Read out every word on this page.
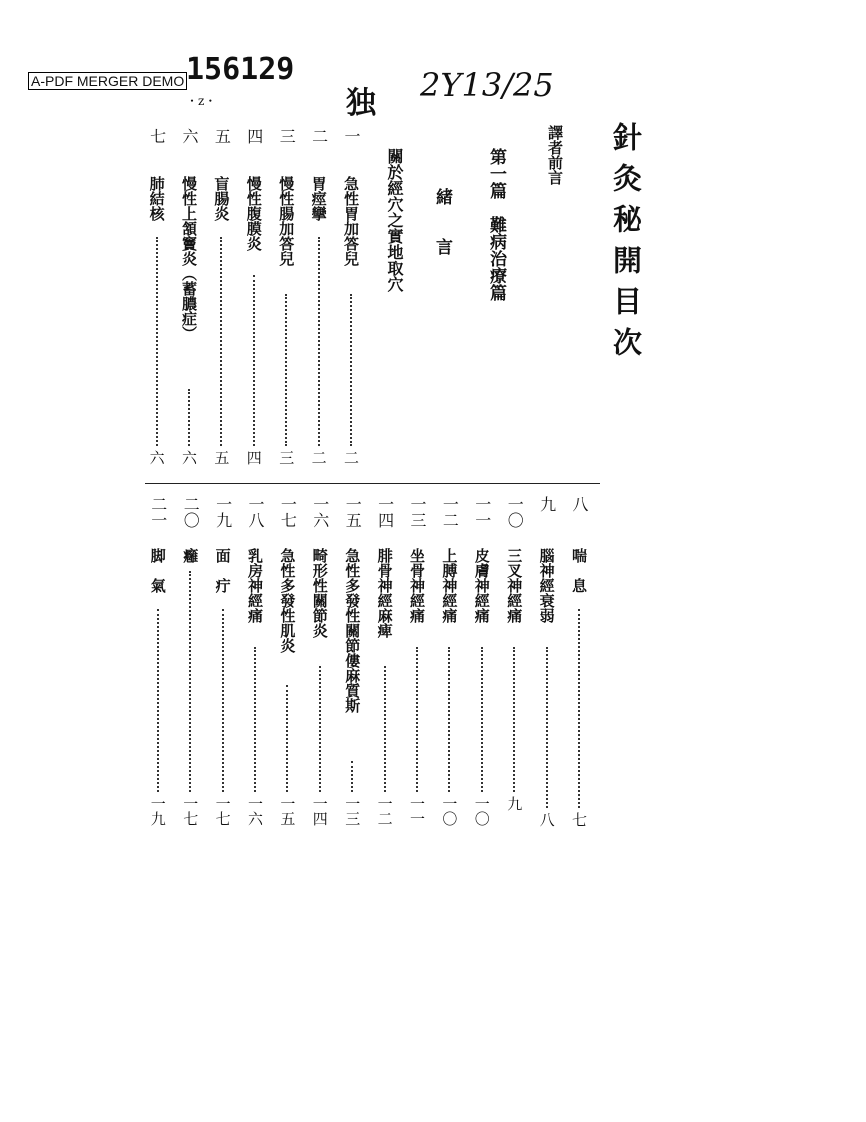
A-PDF MERGER DEMO 156129
・z・	独 2Y13/25
針灸秘開目次
譯者前言
第一篇　難病治療篇
緒　言
關於經穴之實地取穴
一
急性胃加答兒
二
二
胃痙攣
二
三
慢性腸加答兒
三
四
慢性腹膜炎
四
五
盲腸炎
五
六
慢性上頷竇炎（蓄膿症）
六
七
肺結核
六
八
喘　息
七
九
腦神經衰弱
八
一〇
三叉神經痛
九
一一
皮膚神經痛
一〇
一二
上膊神經痛
一〇
一三
坐骨神經痛
一一
一四
腓骨神經麻痺
一二
一五
急性多發性關節僂麻質斯
一三
一六
畸形性關節炎
一四
一七
急性多發性肌炎
一五
一八
乳房神經痛
一六
一九
面　疔
一七
二〇
癰
一七
二一
脚　氣
一九
